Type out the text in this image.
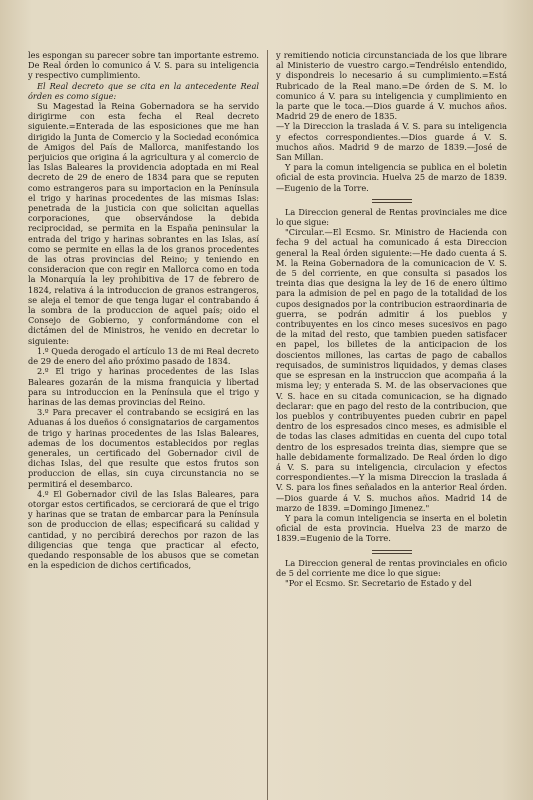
les espongan su parecer sobre tan importante estremo. De Real órden lo comunico á V. S. para su inteligencia y respectivo cumplimiento.

El Real decreto que se cita en la antecedente Real órden es como sigue:

Su Magestad la Reina Gobernadora se ha servido dirigirme con esta fecha el Real decreto siguiente.=Enterada de las esposiciones que me han dirigido la Junta de Comercio y la Sociedad económica de Amigos del País de Mallorca, manifestando los perjuicios que origina á la agricultura y al comercio de las Islas Baleares la providencia adoptada en mi Real decreto de 29 de enero de 1834 para que se reputen como estrangeros para su importacion en la Península el trigo y harinas procedentes de las mismas Islas: penetrada de la justicia con que solicitan aquellas corporaciones, que observándose la debida reciprocidad, se permita en la España peninsular la entrada del trigo y harinas sobrantes en las Islas, así como se permite en ellas la de los granos procedentes de las otras provincias del Reino; y teniendo en consideracion que con regir en Mallorca como en toda la Monarquía la ley prohibitiva de 17 de febrero de 1824, relativa á la introduccion de granos estrangeros, se aleja el temor de que tenga lugar el contrabando á la sombra de la produccion de aquel país; oido el Consejo de Gobierno, y conformándome con el dictámen del de Ministros, he venido en decretar lo siguiente:

1.º Queda derogado el artículo 13 de mi Real decreto de 29 de enero del año próximo pasado de 1834.

2.º El trigo y harinas procedentes de las Islas Baleares gozarán de la misma franquicia y libertad para su introduccion en la Península que el trigo y harinas de las demas provincias del Reino.

3.º Para precaver el contrabando se ecsigirá en las Aduanas á los dueños ó consignatarios de cargamentos de trigo y harinas procedentes de las Islas Baleares, ademas de los documentos establecidos por reglas generales, un certificado del Gobernador civil de dichas Islas, del que resulte que estos frutos son produccion de ellas, sin cuya circunstancia no se permitirá el desembarco.

4.º El Gobernador civil de las Islas Baleares, para otorgar estos certificados, se cerciorará de que el trigo y harinas que se tratan de embarcar para la Península son de produccion de ellas; especificará su calidad y cantidad, y no percibirá derechos por razon de las diligencias que tenga que practicar al efecto, quedando responsable de los abusos que se cometan en la espedicion de dichos certificados,

y remitiendo noticia circunstanciada de los que librare al Ministerio de vuestro cargo.=Tendréislo entendido, y dispondreis lo necesario á su cumplimiento.=Está Rubricado de la Real mano.=De órden de S. M. lo comunico á V. para su inteligencia y cumplimiento en la parte que le toca.—Dios guarde á V. muchos años. Madrid 29 de enero de 1835.

—Y la Direccion la traslada á V. S. para su inteligencia y efectos correspondientes.—Dios guarde á V. S. muchos años. Madrid 9 de marzo de 1839.—José de San Millan.

Y para la comun inteligencia se publica en el boletin oficial de esta provincia. Huelva 25 de marzo de 1839.—Eugenio de la Torre.

La Direccion general de Rentas provinciales me dice lo que sigue:

"Circular.—El Ecsmo. Sr. Ministro de Hacienda con fecha 9 del actual ha comunicado á esta Direccion general la Real órden siguiente:—He dado cuenta á S. M. la Reina Gobernadora de la comunicacion de V. S. de 5 del corriente, en que consulta si pasados los treinta dias que designa la ley de 16 de enero último para la admision de pel en pago de la totalidad de los cupos designados por la contribucion estraordinaria de guerra, se podrán admitir á los pueblos y contribuyentes en los cinco meses sucesivos en pago de la mitad del resto, que tambien pueden satisfacer en papel, los billetes de la anticipacion de los doscientos millones, las cartas de pago de caballos requisados, de suministros liquidados, y demas clases que se espresan en la instruccion que acompaña á la misma ley; y enterada S. M. de las observaciones que V. S. hace en su citada comunicacion, se ha dignado declarar: que en pago del resto de la contribucion, que los pueblos y contribuyentes pueden cubrir en papel dentro de los espresados cinco meses, es admisible el de todas las clases admitidas en cuenta del cupo total dentro de los espresados treinta dias, siempre que se halle debidamente formalizado. De Real órden lo digo á V. S. para su inteligencia, circulacion y efectos correspondientes.—Y la misma Direccion la traslada á V. S. para los fines señalados en la anterior Real órden.—Dios guarde á V. S. muchos años. Madrid 14 de marzo de 1839. =Domingo Jimenez."

Y para la comun inteligencia se inserta en el boletin oficial de esta provincia. Huelva 23 de marzo de 1839.=Eugenio de la Torre.

La Direccion general de rentas provinciales en oficio de 5 del corriente me dice lo que sigue:

"Por el Ecsmo. Sr. Secretario de Estado y del
